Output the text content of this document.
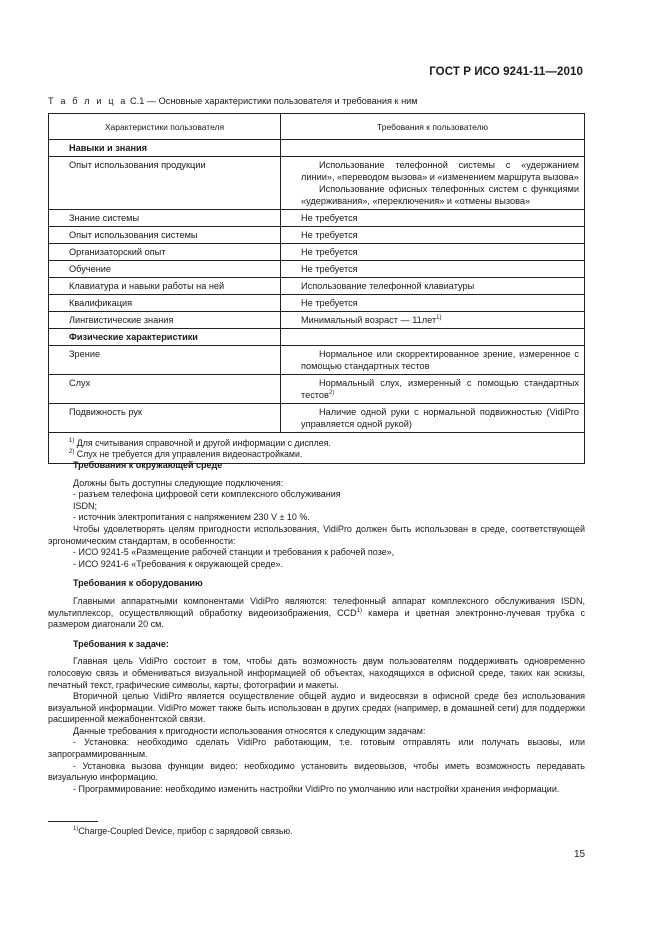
ГОСТ Р ИСО 9241-11—2010
Т а б л и ц а С.1 — Основные характеристики пользователя и требования к ним
Характеристики пользователя	Требования к пользователю
Навыки и знания	
Опыт использования продукции	Использование телефонной системы с «удержанием линии», «переводом вызова» и «изменением маршрута вызова»
Использование офисных телефонных систем с функциями «удерживания», «переключения» и «отмены вызова»

Знание системы	Не требуется
Опыт использования системы	Не требуется
Организаторский опыт	Не требуется
Обучение	Не требуется
Клавиатура и навыки работы на ней	Использование телефонной клавиатуры
Квалификация	Не требуется
Лингвистические знания	Минимальный возраст — 11лет$^{1)}$
Физические характеристики	
Зрение	Нормальное или скорректированное зрение, измеренное с помощью стандартных тестов

Слух	Нормальный слух, измеренный с помощью стандартных тестов$^{2)}$

Подвижность рук	Наличие одной руки с нормальной подвижностью (VidiPro управляется одной рукой)

$^{1)}$ Для считывания справочной и другой информации с дисплея.
$^{2)}$ Слух не требуется для управления видеонастройками.	

Требования к окружающей среде

Должны быть доступны следующие подключения:

- разъем телефона цифровой сети комплексного обслуживания

ISDN;

- источник электропитания с напряжением 230 V ± 10 %.

Чтобы удовлетворять целям пригодности использования, VidiPro должен быть использован в среде, соответствующей эргономическим стандартам, в особенности:

- ИСО 9241-5 «Размещение рабочей станции и требования к рабочей позе»,

- ИСО 9241-6 «Требования к окружающей среде».

Требования к оборудованию

Главными аппаратными компонентами VidiPro являются: телефонный аппарат комплексного обслуживания ISDN, мультиплексор, осуществляющий обработку видеоизображения, CCD$^{1)}$ камера и цветная электронно-лучевая трубка с размером диагонали 20 см.

Требования к задаче:

Главная цель VidiPro состоит в том, чтобы дать возможность двум пользователям поддерживать одновременно голосовую связь и обмениваться визуальной информацией об объектах, находящихся в офисной среде, таких как эскизы, печатный текст, графические символы, карты, фотографии и макеты.

Вторичной целью VidiPro является осуществление общей аудио и видеосвязи в офисной среде без использования визуальной информации. VidiPro может также быть использован в других средах (например, в домашней сети) для поддержки расширенной межабонентской связи.

Данные требования к пригодности использования относятся к следующим задачам:

- Установка: необходимо сделать VidiPro работающим, т.е. готовым отправлять или получать вызовы, или запрограммированным.

- Установка вызова функции видео: необходимо установить видеовызов, чтобы иметь возможность передавать визуальную информацию.

- Программирование: необходимо изменить настройки VidiPro по умолчанию или настройки хранения информации.

$^{1)}$Charge-Coupled Device, прибор с зарядовой связью.
15
